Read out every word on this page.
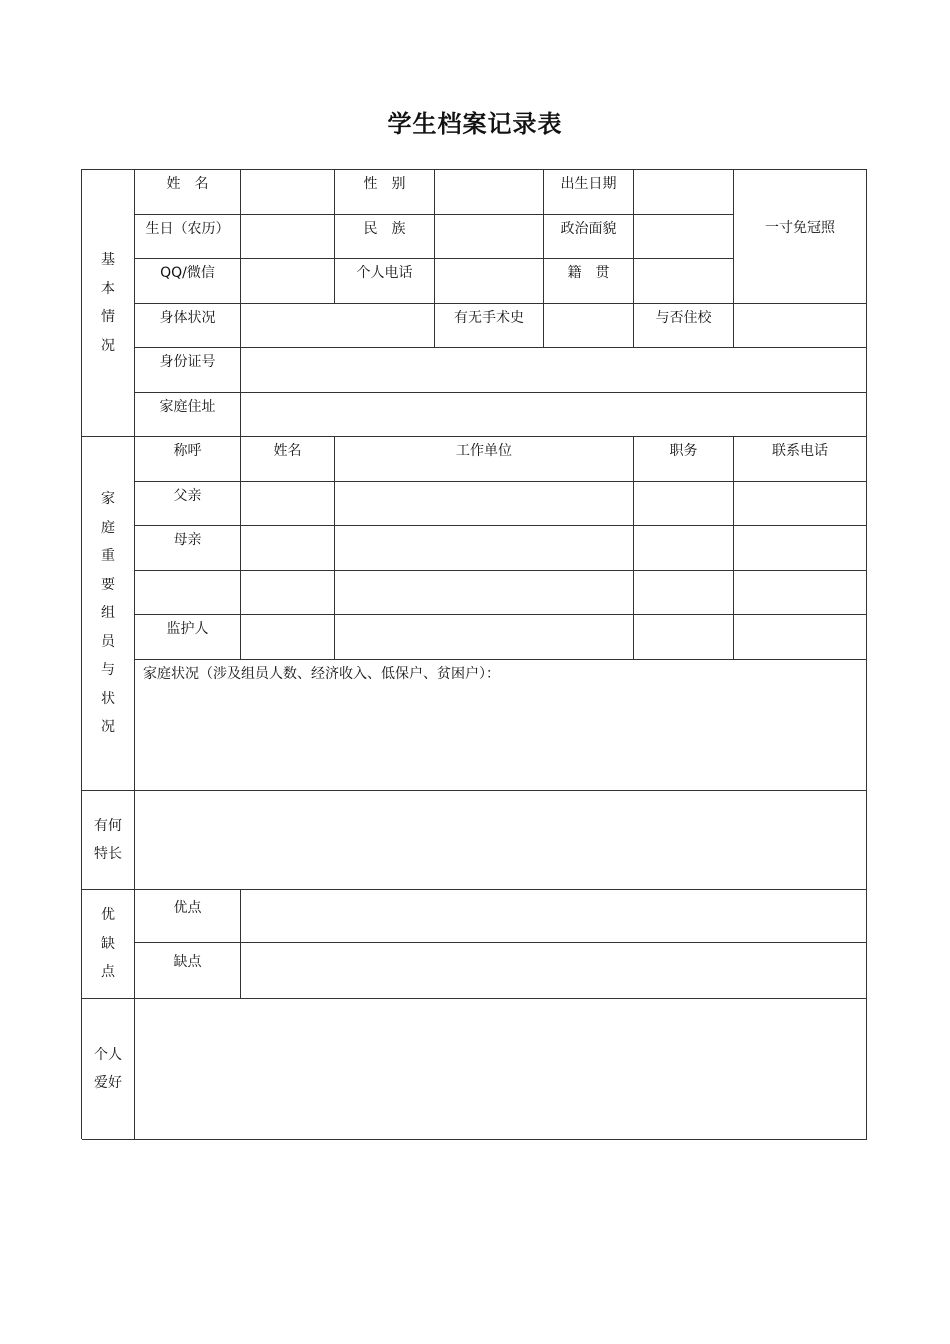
学生档案记录表
基本情况
姓　名	性　别	出生日期
一寸免冠照
生日（农历）	民　族	政治面貌
QQ/微信	个人电话	籍　贯
身体状况	有无手术史	与否住校
身份证号
家庭住址
家庭重要组员与状况
称呼	姓名	工作单位	职务	联系电话
父亲
母亲
监护人
家庭状况（涉及组员人数、经济收入、低保户、贫困户）：
有何
特长
优缺点
优点
缺点
个人
爱好
